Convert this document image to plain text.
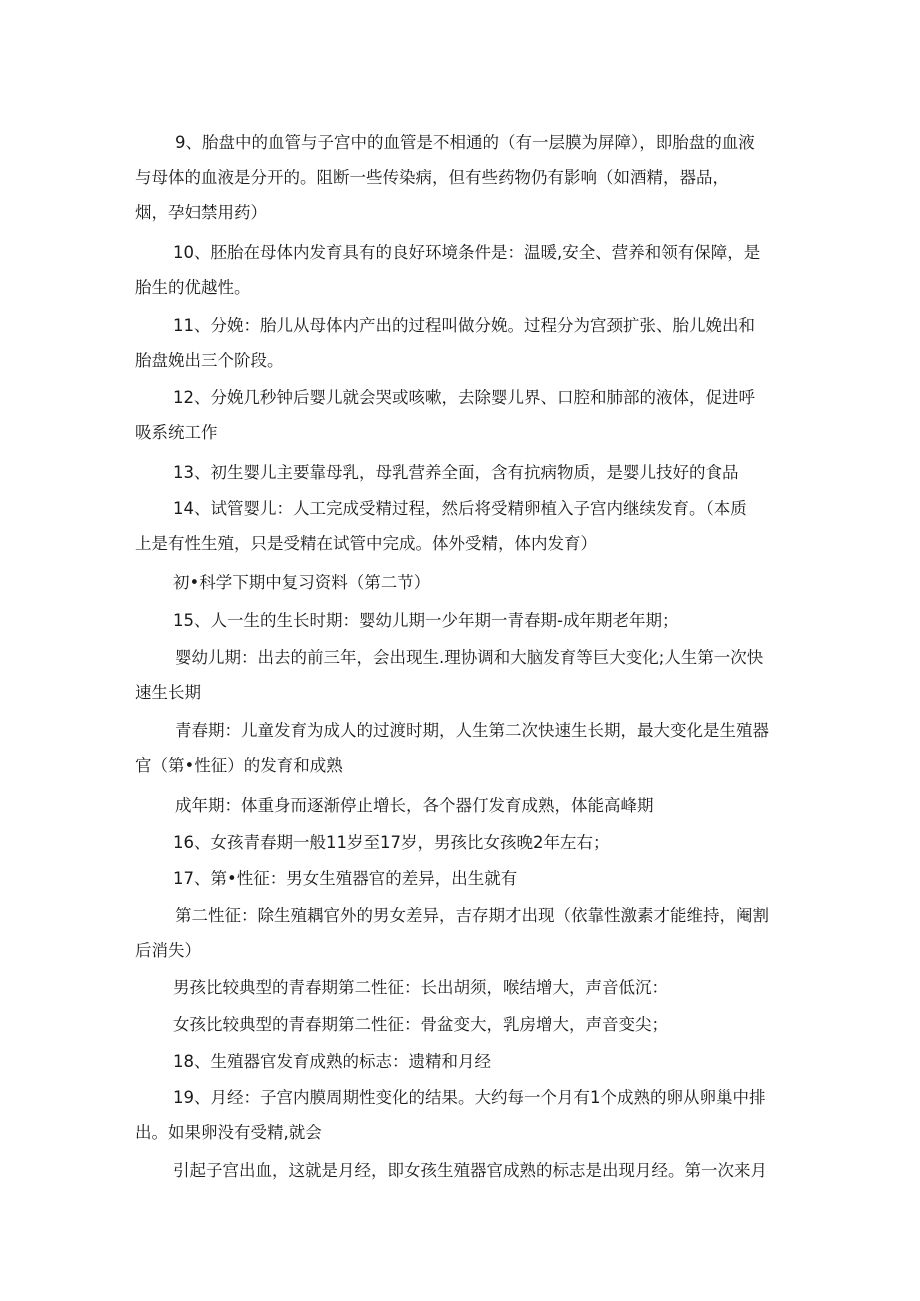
9、胎盘中的血管与子宫中的血管是不相通的（有一层膜为屏障），即胎盘的血液
与母体的血液是分开的。阻断一些传染病，但有些药物仍有影响（如酒精，器品，
烟，孕妇禁用药）
10、胚胎在母体内发育具有的良好环境条件是：温暖,安全、营养和领有保障，是
胎生的优越性。
11、分娩：胎儿从母体内产出的过程叫做分娩。过程分为宫颈扩张、胎儿娩出和
胎盘娩出三个阶段。
12、分娩几秒钟后婴儿就会哭或咳嗽，去除婴儿界、口腔和肺部的液体，促进呼
吸系统工作
13、初生婴儿主要靠母乳，母乳营养全面，含有抗病物质，是婴儿技好的食品
14、试管婴儿：人工完成受精过程，然后将受精卵植入子宫内继续发育。（本质
上是有性生殖，只是受精在试管中完成。体外受精，体内发育）
初•科学下期中复习资料（第二节）
15、人一生的生长时期：婴幼儿期一少年期一青春期-成年期老年期；
婴幼儿期：出去的前三年，会出现生.理协调和大脑发育等巨大变化;人生第一次快
速生长期
青春期：儿童发育为成人的过渡时期，人生第二次快速生长期，最大变化是生殖器
官（第•性征）的发育和成熟
成年期：体重身而逐渐停止增长，各个器仃发育成熟，体能高峰期
16、女孩青春期一般11岁至17岁，男孩比女孩晚2年左右；
17、第•性征：男女生殖器官的差异，出生就有
第二性征：除生殖耦官外的男女差异，吉存期才出现（依靠性激素才能维持，阉割
后消失）
男孩比较典型的青春期第二性征：长出胡须，喉结增大，声音低沉：
女孩比较典型的青春期第二性征：骨盆变大，乳房增大，声音变尖；
18、生殖器官发育成熟的标志：遗精和月经
19、月经：子宫内膜周期性变化的结果。大约每一个月有1个成熟的卵从卵巢中排
出。如果卵没有受精,就会
引起子宫出血，这就是月经，即女孩生殖器官成熟的标志是出现月经。第一次来月
